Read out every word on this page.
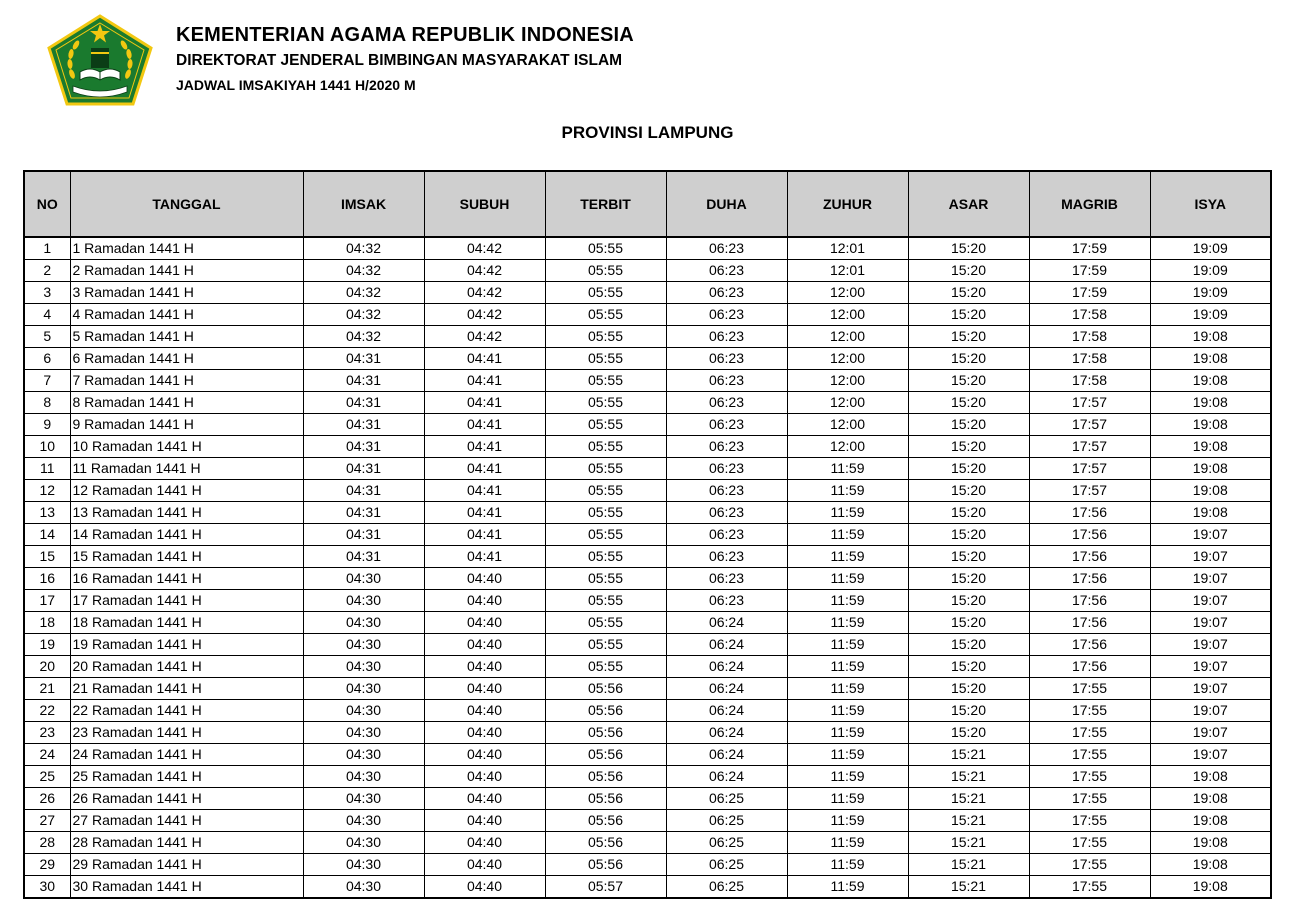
KEMENTERIAN AGAMA REPUBLIK INDONESIA
DIREKTORAT JENDERAL BIMBINGAN MASYARAKAT ISLAM
JADWAL IMSAKIYAH 1441 H/2020 M
PROVINSI LAMPUNG
NO	TANGGAL	IMSAK	SUBUH	TERBIT	DUHA	ZUHUR	ASAR	MAGRIB	ISYA
1	1 Ramadan 1441 H	04:32	04:42	05:55	06:23	12:01	15:20	17:59	19:09
2	2 Ramadan 1441 H	04:32	04:42	05:55	06:23	12:01	15:20	17:59	19:09
3	3 Ramadan 1441 H	04:32	04:42	05:55	06:23	12:00	15:20	17:59	19:09
4	4 Ramadan 1441 H	04:32	04:42	05:55	06:23	12:00	15:20	17:58	19:09
5	5 Ramadan 1441 H	04:32	04:42	05:55	06:23	12:00	15:20	17:58	19:08
6	6 Ramadan 1441 H	04:31	04:41	05:55	06:23	12:00	15:20	17:58	19:08
7	7 Ramadan 1441 H	04:31	04:41	05:55	06:23	12:00	15:20	17:58	19:08
8	8 Ramadan 1441 H	04:31	04:41	05:55	06:23	12:00	15:20	17:57	19:08
9	9 Ramadan 1441 H	04:31	04:41	05:55	06:23	12:00	15:20	17:57	19:08
10	10 Ramadan 1441 H	04:31	04:41	05:55	06:23	12:00	15:20	17:57	19:08
11	11 Ramadan 1441 H	04:31	04:41	05:55	06:23	11:59	15:20	17:57	19:08
12	12 Ramadan 1441 H	04:31	04:41	05:55	06:23	11:59	15:20	17:57	19:08
13	13 Ramadan 1441 H	04:31	04:41	05:55	06:23	11:59	15:20	17:56	19:08
14	14 Ramadan 1441 H	04:31	04:41	05:55	06:23	11:59	15:20	17:56	19:07
15	15 Ramadan 1441 H	04:31	04:41	05:55	06:23	11:59	15:20	17:56	19:07
16	16 Ramadan 1441 H	04:30	04:40	05:55	06:23	11:59	15:20	17:56	19:07
17	17 Ramadan 1441 H	04:30	04:40	05:55	06:23	11:59	15:20	17:56	19:07
18	18 Ramadan 1441 H	04:30	04:40	05:55	06:24	11:59	15:20	17:56	19:07
19	19 Ramadan 1441 H	04:30	04:40	05:55	06:24	11:59	15:20	17:56	19:07
20	20 Ramadan 1441 H	04:30	04:40	05:55	06:24	11:59	15:20	17:56	19:07
21	21 Ramadan 1441 H	04:30	04:40	05:56	06:24	11:59	15:20	17:55	19:07
22	22 Ramadan 1441 H	04:30	04:40	05:56	06:24	11:59	15:20	17:55	19:07
23	23 Ramadan 1441 H	04:30	04:40	05:56	06:24	11:59	15:20	17:55	19:07
24	24 Ramadan 1441 H	04:30	04:40	05:56	06:24	11:59	15:21	17:55	19:07
25	25 Ramadan 1441 H	04:30	04:40	05:56	06:24	11:59	15:21	17:55	19:08
26	26 Ramadan 1441 H	04:30	04:40	05:56	06:25	11:59	15:21	17:55	19:08
27	27 Ramadan 1441 H	04:30	04:40	05:56	06:25	11:59	15:21	17:55	19:08
28	28 Ramadan 1441 H	04:30	04:40	05:56	06:25	11:59	15:21	17:55	19:08
29	29 Ramadan 1441 H	04:30	04:40	05:56	06:25	11:59	15:21	17:55	19:08
30	30 Ramadan 1441 H	04:30	04:40	05:57	06:25	11:59	15:21	17:55	19:08
